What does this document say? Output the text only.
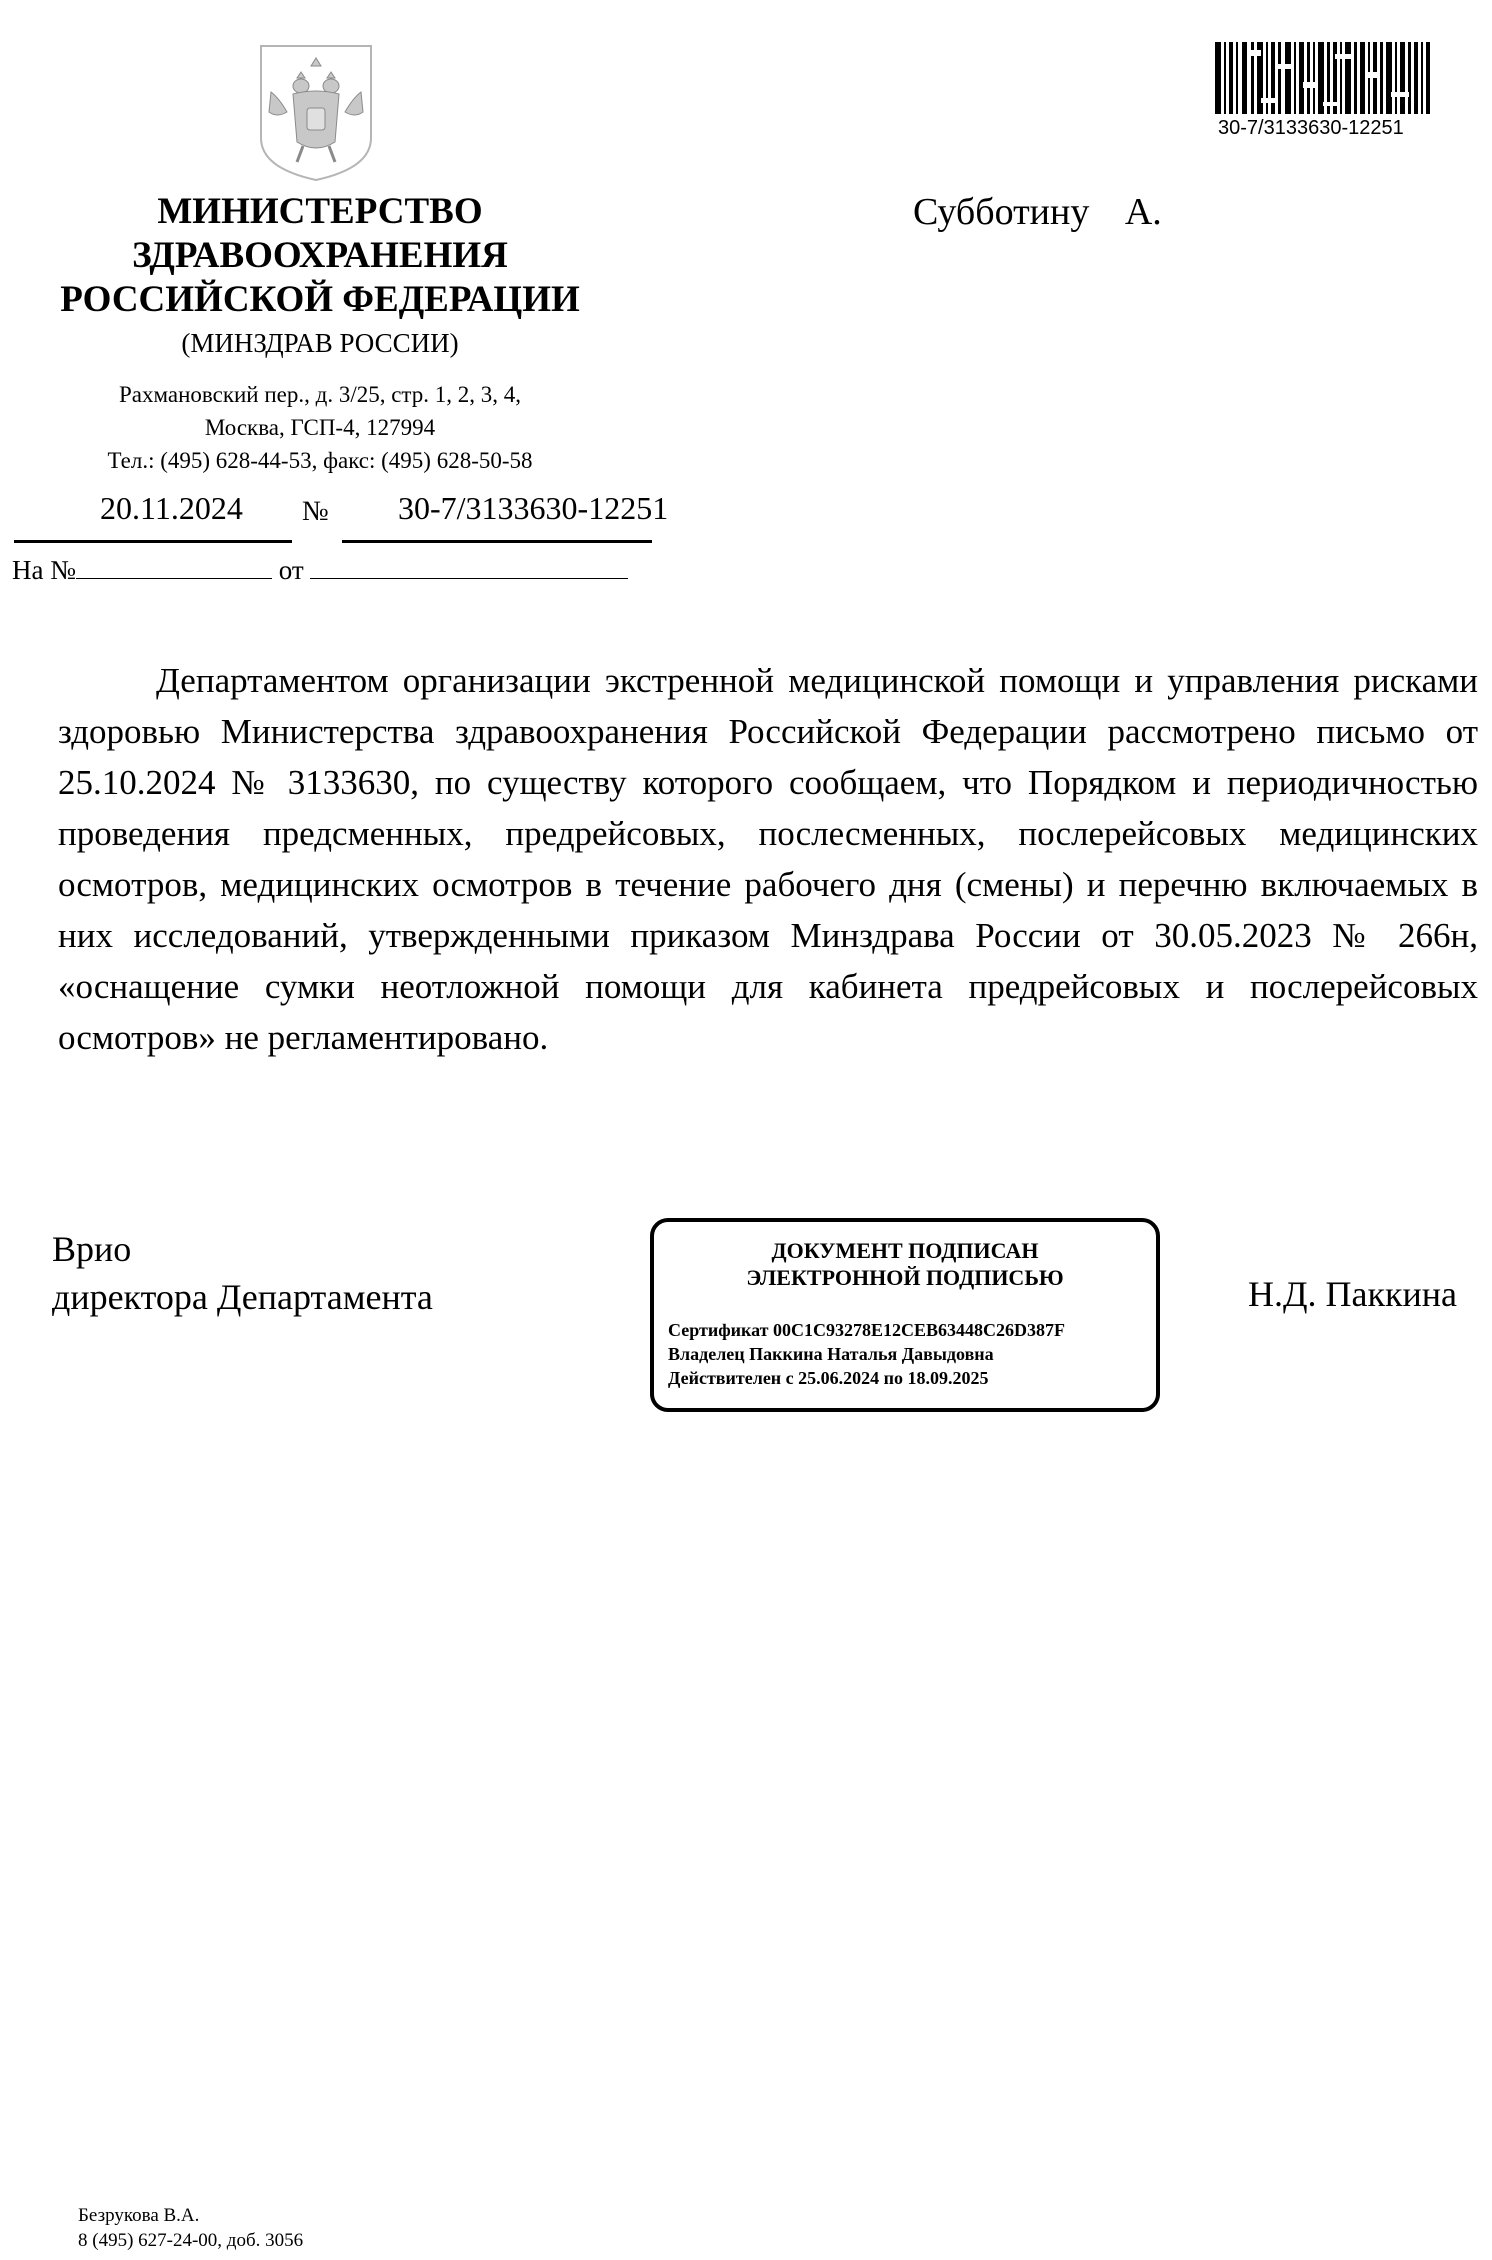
МИНИСТЕРСТВО
ЗДРАВООХРАНЕНИЯ
РОССИЙСКОЙ ФЕДЕРАЦИИ
(МИНЗДРАВ РОССИИ)
Рахмановский пер., д. 3/25, стр. 1, 2, 3, 4,
Москва, ГСП-4, 127994
Тел.: (495) 628-44-53, факс: (495) 628-50-58
20.11.2024 № 30-7/3133630-12251
На №	от
30-7/3133630-12251
Субботину А.

Департаментом организации экстренной медицинской помощи и управления рисками здоровью Министерства здравоохранения Российской Федерации рассмотрено письмо от 25.10.2024 № 3133630, по существу которого сообщаем, что Порядком и периодичностью проведения предсменных, предрейсовых, послесменных, послерейсовых медицинских осмотров, медицинских осмотров в течение рабочего дня (смены) и перечню включаемых в них исследований, утвержденными приказом Минздрава России от 30.05.2023 № 266н, «оснащение сумки неотложной помощи для кабинета предрейсовых и послерейсовых осмотров» не регламентировано.

Врио
директора Департамента
ДОКУМЕНТ ПОДПИСАН
ЭЛЕКТРОННОЙ ПОДПИСЬЮ
Сертификат 00C1C93278E12CEB63448C26D387F
Владелец Паккина Наталья Давыдовна
Действителен с 25.06.2024 по 18.09.2025
Н.Д. Паккина
Безрукова В.А.
8 (495) 627-24-00, доб. 3056
